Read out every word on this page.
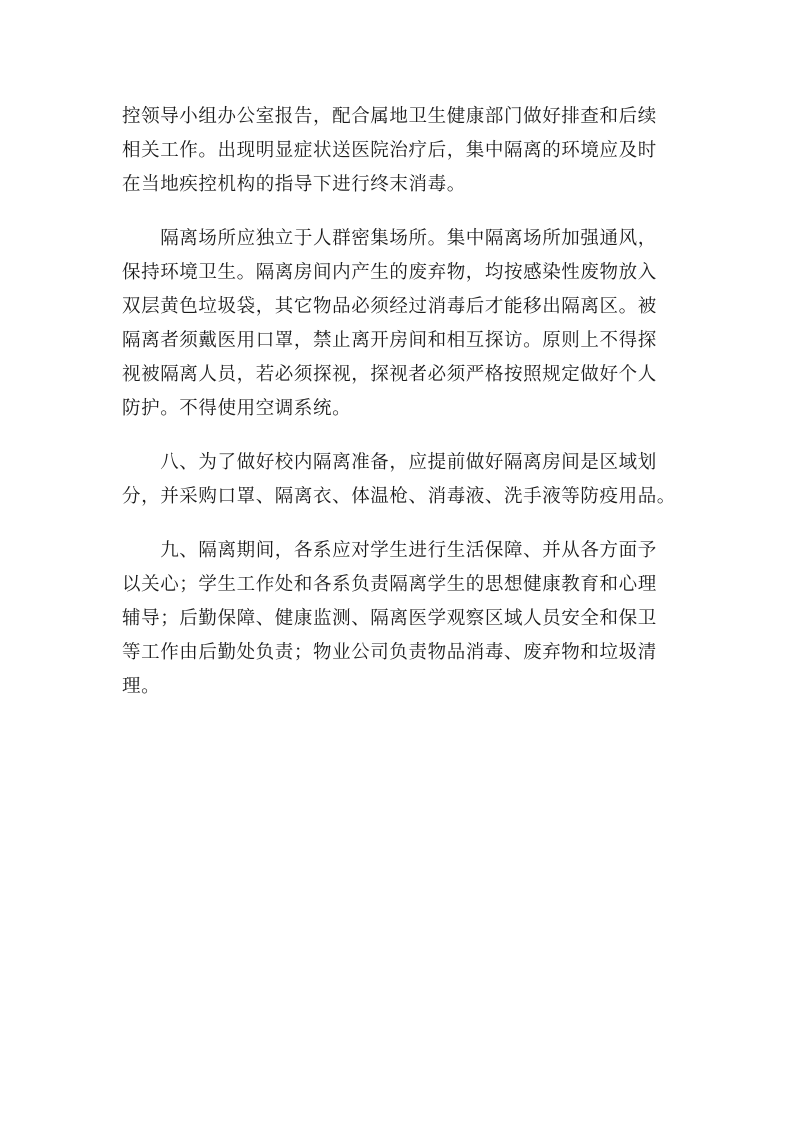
控领导小组办公室报告，配合属地卫生健康部门做好排查和后续
相关工作。出现明显症状送医院治疗后，集中隔离的环境应及时
在当地疾控机构的指导下进行终末消毒。
　　隔离场所应独立于人群密集场所。集中隔离场所加强通风，
保持环境卫生。隔离房间内产生的废弃物，均按感染性废物放入
双层黄色垃圾袋，其它物品必须经过消毒后才能移出隔离区。被
隔离者须戴医用口罩，禁止离开房间和相互探访。原则上不得探
视被隔离人员，若必须探视，探视者必须严格按照规定做好个人
防护。不得使用空调系统。
　　八、为了做好校内隔离准备，应提前做好隔离房间是区域划
分，并采购口罩、隔离衣、体温枪、消毒液、洗手液等防疫用品。
　　九、隔离期间，各系应对学生进行生活保障、并从各方面予
以关心；学生工作处和各系负责隔离学生的思想健康教育和心理
辅导；后勤保障、健康监测、隔离医学观察区域人员安全和保卫
等工作由后勤处负责；物业公司负责物品消毒、废弃物和垃圾清
理。
